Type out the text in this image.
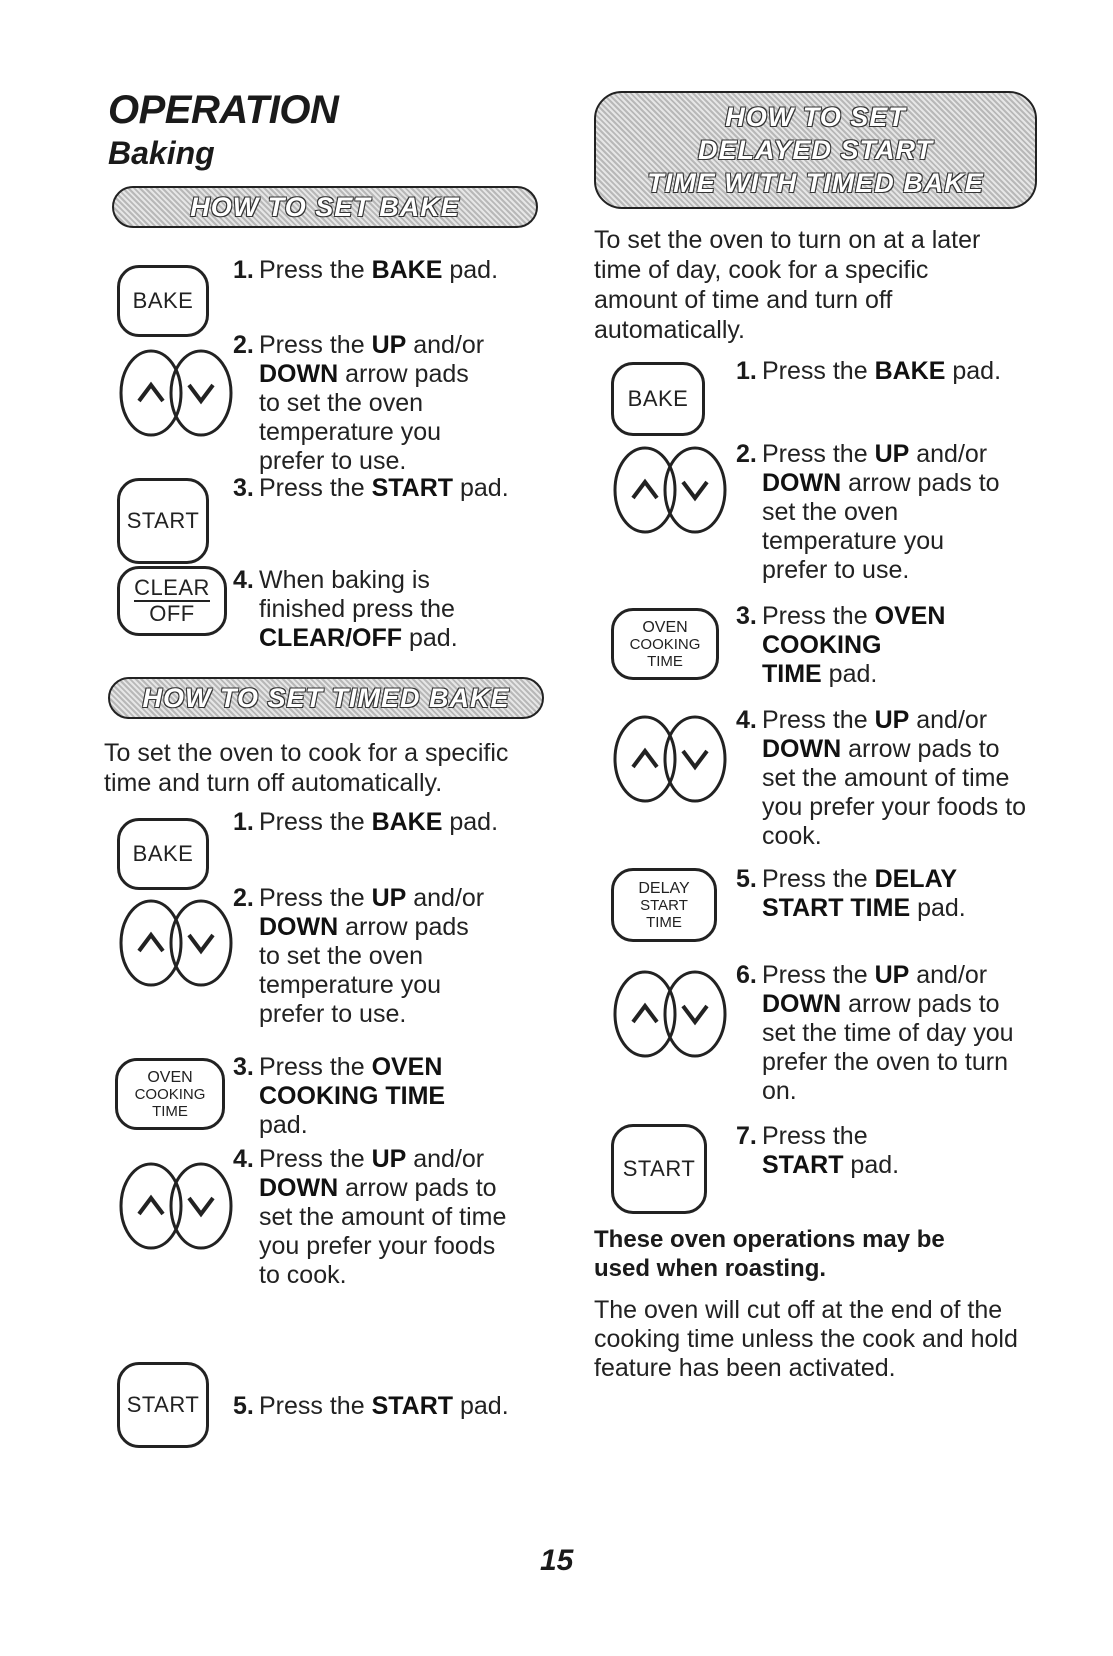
OPERATION
Baking
HOW TO SET BAKE
BAKE
1. Press the BAKE pad.
2. Press the UP and/or DOWN arrow pads to set the oven temperature you prefer to use.
START
3. Press the START pad.
CLEAR
OFF
4. When baking is finished press the CLEAR/OFF pad.
HOW TO SET TIMED BAKE
To set the oven to cook for a specific time and turn off automatically.
BAKE
1. Press the BAKE pad.
2. Press the UP and/or DOWN arrow pads to set the oven temperature you prefer to use.
OVEN
COOKING
TIME
3. Press the OVEN COOKING TIME pad.
4. Press the UP and/or DOWN arrow pads to set the amount of time you prefer your foods to cook.
START 5. Press the START pad.
HOW TO SET
DELAYED START
TIME WITH TIMED BAKE
To set the oven to turn on at a later time of day, cook for a specific amount of time and turn off automatically.
BAKE
1. Press the BAKE pad.
2. Press the UP and/or DOWN arrow pads to set the oven temperature you prefer to use.
OVEN
COOKING
TIME
3. Press the OVEN COOKING TIME pad.
4. Press the UP and/or DOWN arrow pads to set the amount of time you prefer your foods to cook.
DELAY
START
TIME
5. Press the DELAY START TIME pad.
6. Press the UP and/or DOWN arrow pads to set the time of day you prefer the oven to turn on.
START
7. Press the START pad.
These oven operations may be used when roasting.
The oven will cut off at the end of the cooking time unless the cook and hold feature has been activated.
15
